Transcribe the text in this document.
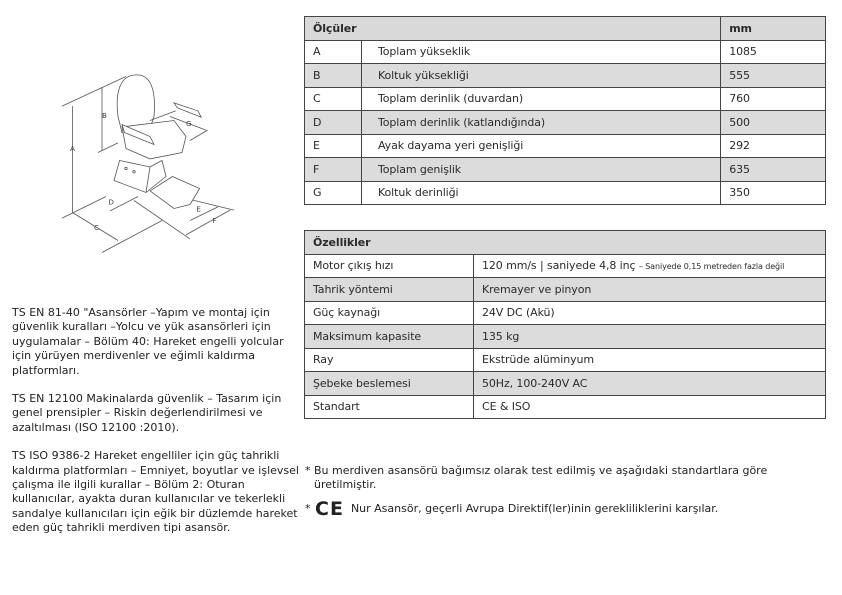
A
B
C
D
E
F
G
Ölçüler		mm
A	Toplam yükseklik	1085
B	Koltuk yüksekliği	555
C	Toplam derinlik (duvardan)	760
D	Toplam derinlik (katlandığında)	500
E	Ayak dayama yeri genişliği	292
F	Toplam genişlik	635
G	Koltuk derinliği	350
Özellikler	
Motor çıkış hızı	120 mm/s | saniyede 4,8 inç – Saniyede 0,15 metreden fazla değil
Tahrik yöntemi	Kremayer ve pinyon
Güç kaynağı	24V DC (Akü)
Maksimum kapasite	135 kg
Ray	Ekstrüde alüminyum
Şebeke beslemesi	50Hz, 100-240V AC
Standart	CE & ISO

TS EN 81-40 "Asansörler –Yapım ve montaj için güvenlik kuralları –Yolcu ve yük asansörleri için uygulamalar – Bölüm 40: Hareket engelli yolcular için yürüyen merdivenler ve eğimli kaldırma platformları.

TS EN 12100 Makinalarda güvenlik – Tasarım için genel prensipler – Riskin değerlendirilmesi ve azaltılması (ISO 12100 :2010).

TS ISO 9386-2 Hareket engelliler için güç tahrikli kaldırma platformları – Emniyet, boyutlar ve işlevsel çalışma ile ilgili kurallar – Bölüm 2: Oturan kullanıcılar, ayakta duran kullanıcılar ve tekerlekli sandalye kullanıcıları için eğik bir düzlemde hareket eden güç tahrikli merdiven tipi asansör.

* Bu merdiven asansörü bağımsız olarak test edilmiş ve aşağıdaki standartlara göre üretilmiştir.
* CE Nur Asansör, geçerli Avrupa Direktif(ler)inin gerekliliklerini karşılar.
